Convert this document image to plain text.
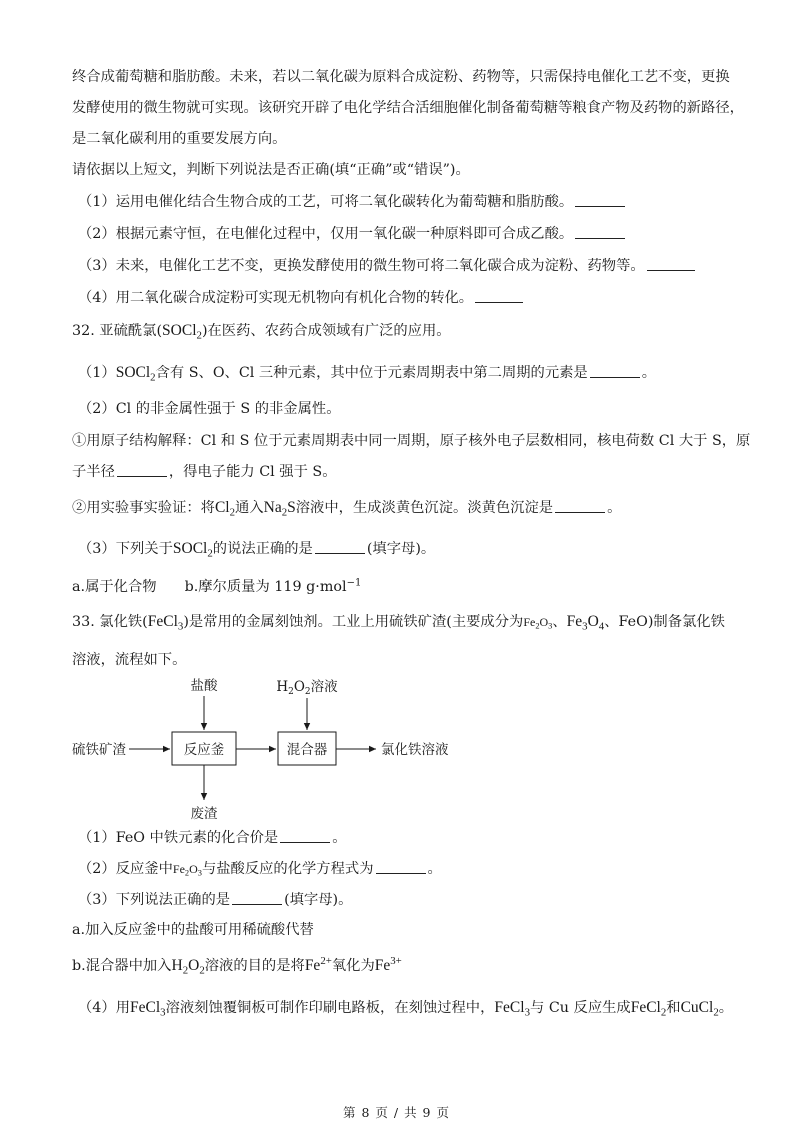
终合成葡萄糖和脂肪酸。未来，若以二氧化碳为原料合成淀粉、药物等，只需保持电催化工艺不变，更换
发酵使用的微生物就可实现。该研究开辟了电化学结合活细胞催化制备葡萄糖等粮食产物及药物的新路径，
是二氧化碳利用的重要发展方向。
请依据以上短文，判断下列说法是否正确(填“正确”或“错误”)。
（1）运用电催化结合生物合成的工艺，可将二氧化碳转化为葡萄糖和脂肪酸。
（2）根据元素守恒，在电催化过程中，仅用一氧化碳一种原料即可合成乙酸。
（3）未来，电催化工艺不变，更换发酵使用的微生物可将二氧化碳合成为淀粉、药物等。
（4）用二氧化碳合成淀粉可实现无机物向有机化合物的转化。
32. 亚硫酰氯(SOCl$_2$)在医药、农药合成领域有广泛的应用。
（1）SOCl$_2$含有 S、O、Cl 三种元素，其中位于元素周期表中第二周期的元素是	。
（2）Cl 的非金属性强于 S 的非金属性。
①用原子结构解释：Cl 和 S 位于元素周期表中同一周期，原子核外电子层数相同，核电荷数 Cl 大于 S，原
子半径	，得电子能力 Cl 强于 S。
②用实验事实验证：将$Cl_2$通入$Na_2S$溶液中，生成淡黄色沉淀。淡黄色沉淀是	。
（3）下列关于SOCl$_2$的说法正确的是	(填字母)。
a.属于化合物 b.摩尔质量为 119 g·mol$^{-1}$
33. 氯化铁(FeCl$_3$)是常用的金属刻蚀剂。工业上用硫铁矿渣(主要成分为$Fe_2O_3$、$Fe_3O_4$、FeO)制备氯化铁
溶液，流程如下。
硫铁矿渣	反应釜
盐酸
废渣
混合器
$H_2O_2$溶液
氯化铁溶液
（1）FeO 中铁元素的化合价是	。
（2）反应釜中$Fe_2O_3$与盐酸反应的化学方程式为	。
（3）下列说法正确的是	(填字母)。
a.加入反应釜中的盐酸可用稀硫酸代替
b.混合器中加入$H_2O_2$溶液的目的是将$Fe^{2+}$氧化为$Fe^{3+}$
（4）用FeCl$_3$溶液刻蚀覆铜板可制作印刷电路板，在刻蚀过程中，FeCl$_3$与 Cu 反应生成FeCl$_2$和CuCl$_2$。
第 8 页 / 共 9 页
